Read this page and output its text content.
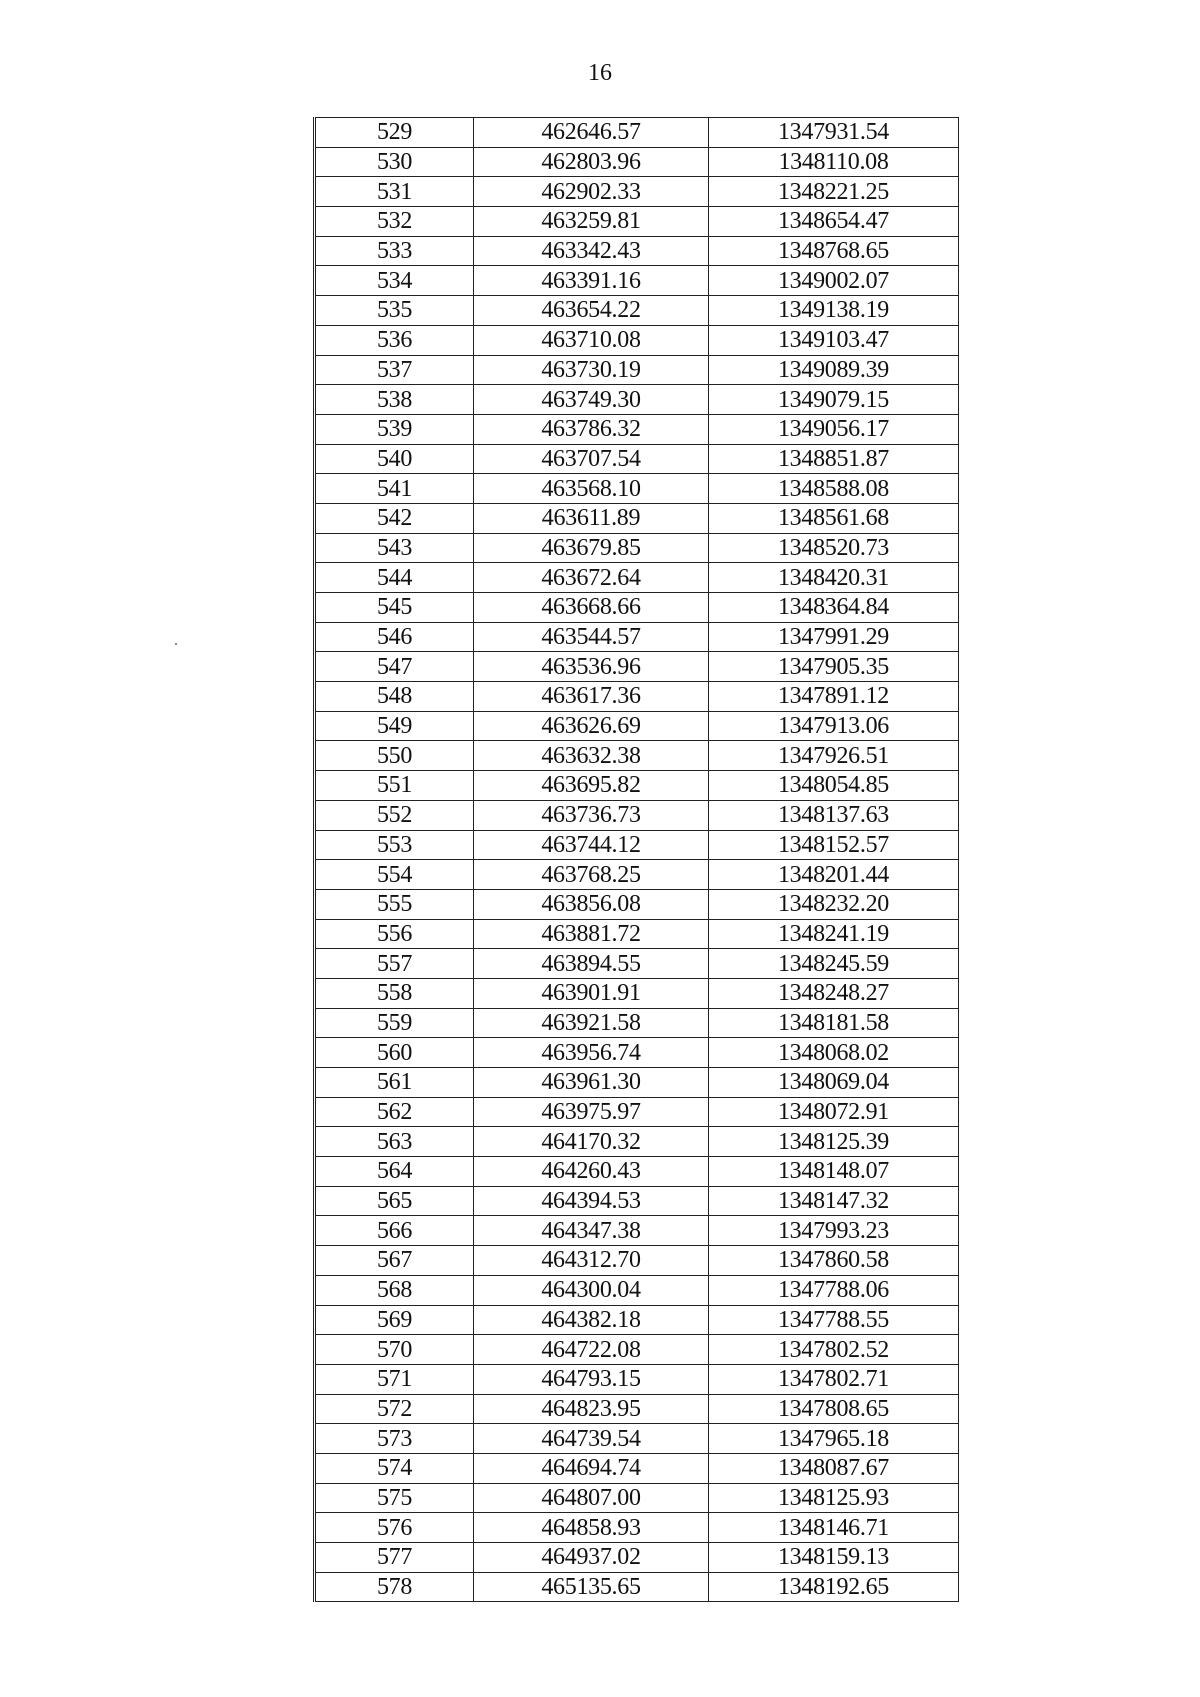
16
529	462646.57	1347931.54
530	462803.96	1348110.08
531	462902.33	1348221.25
532	463259.81	1348654.47
533	463342.43	1348768.65
534	463391.16	1349002.07
535	463654.22	1349138.19
536	463710.08	1349103.47
537	463730.19	1349089.39
538	463749.30	1349079.15
539	463786.32	1349056.17
540	463707.54	1348851.87
541	463568.10	1348588.08
542	463611.89	1348561.68
543	463679.85	1348520.73
544	463672.64	1348420.31
545	463668.66	1348364.84
546	463544.57	1347991.29
547	463536.96	1347905.35
548	463617.36	1347891.12
549	463626.69	1347913.06
550	463632.38	1347926.51
551	463695.82	1348054.85
552	463736.73	1348137.63
553	463744.12	1348152.57
554	463768.25	1348201.44
555	463856.08	1348232.20
556	463881.72	1348241.19
557	463894.55	1348245.59
558	463901.91	1348248.27
559	463921.58	1348181.58
560	463956.74	1348068.02
561	463961.30	1348069.04
562	463975.97	1348072.91
563	464170.32	1348125.39
564	464260.43	1348148.07
565	464394.53	1348147.32
566	464347.38	1347993.23
567	464312.70	1347860.58
568	464300.04	1347788.06
569	464382.18	1347788.55
570	464722.08	1347802.52
571	464793.15	1347802.71
572	464823.95	1347808.65
573	464739.54	1347965.18
574	464694.74	1348087.67
575	464807.00	1348125.93
576	464858.93	1348146.71
577	464937.02	1348159.13
578	465135.65	1348192.65
